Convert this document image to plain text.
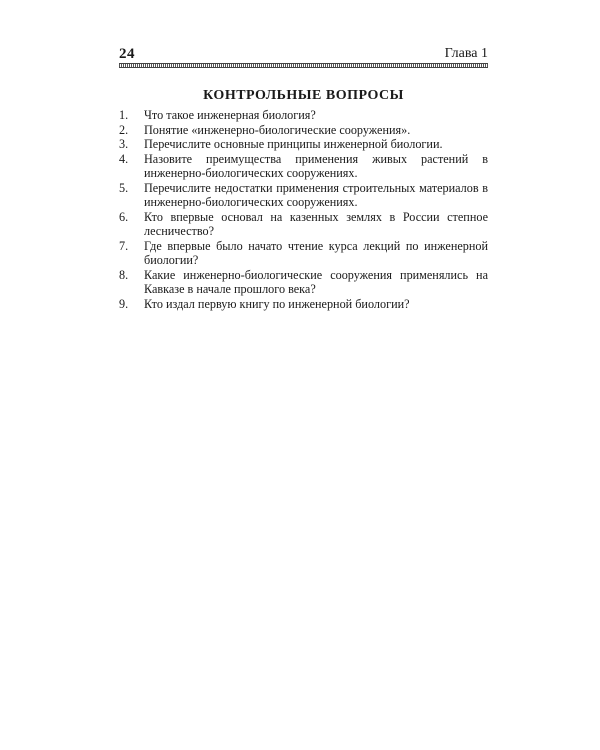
24	Глава 1
КОНТРОЛЬНЫЕ ВОПРОСЫ
1.	Что такое инженерная биология?
2.	Понятие «инженерно-биологические сооружения».
3.	Перечислите основные принципы инженерной биологии.
4.	Назовите преимущества применения живых растений в инженерно-биологических сооружениях.
5.	Перечислите недостатки применения строительных материалов в инженерно-биологических сооружениях.
6.	Кто впервые основал на казенных землях в России степное лесничество?
7.	Где впервые было начато чтение курса лекций по инженерной биологии?
8.	Какие инженерно-биологические сооружения применялись на Кавказе в начале прошлого века?
9.	Кто издал первую книгу по инженерной биологии?
